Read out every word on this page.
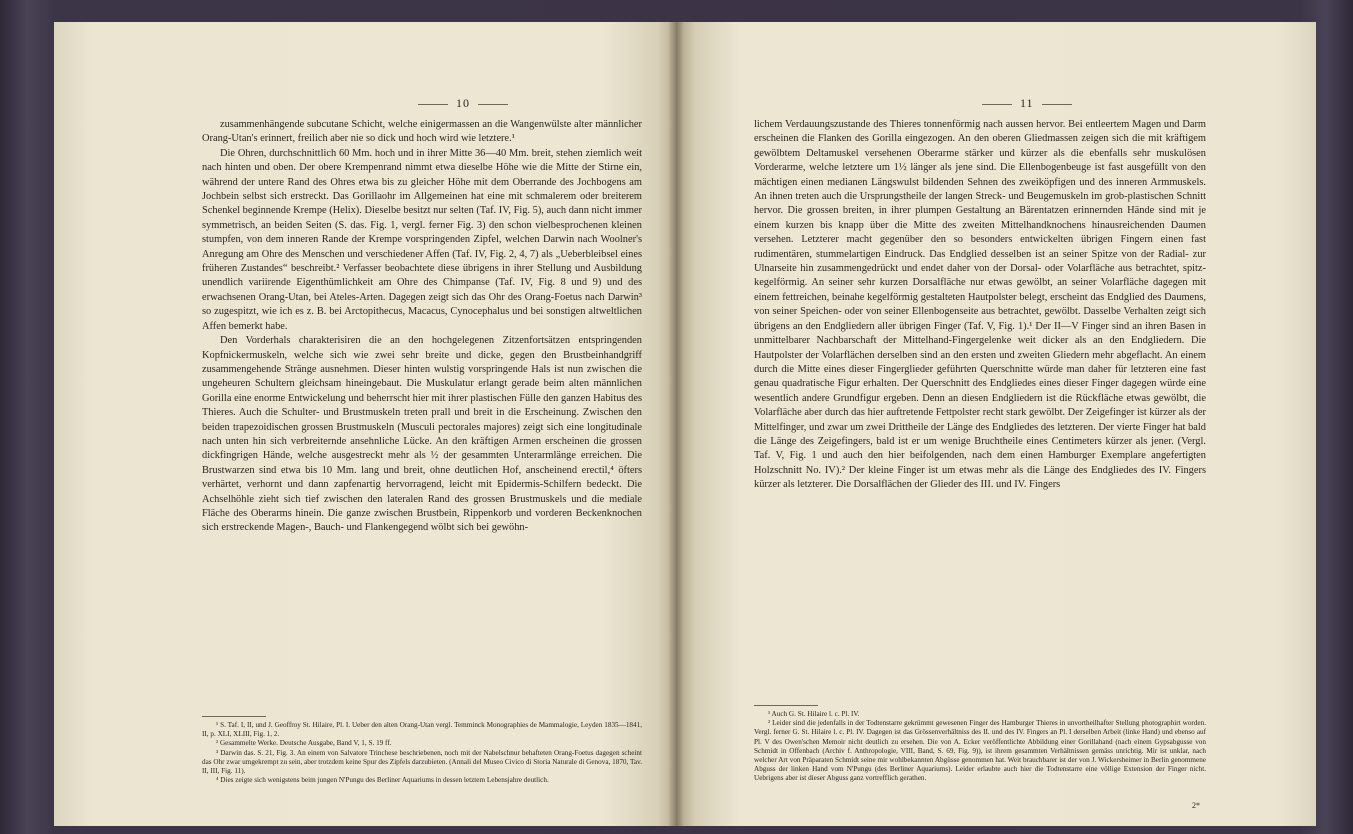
10

zusammenhängende subcutane Schicht, welche einigermassen an die Wangenwülste alter männlicher Orang-Utan's erinnert, freilich aber nie so dick und hoch wird wie letztere.¹

Die Ohren, durchschnittlich 60 Mm. hoch und in ihrer Mitte 36—40 Mm. breit, stehen ziemlich weit nach hinten und oben. Der obere Krempenrand nimmt etwa dieselbe Höhe wie die Mitte der Stirne ein, während der untere Rand des Ohres etwa bis zu gleicher Höhe mit dem Oberrande des Jochbogens am Jochbein selbst sich erstreckt. Das Gorillaohr im Allgemeinen hat eine mit schmalerem oder breiterem Schenkel beginnende Krempe (Helix). Dieselbe besitzt nur selten (Taf. IV, Fig. 5), auch dann nicht immer symmetrisch, an beiden Seiten (S. das. Fig. 1, vergl. ferner Fig. 3) den schon vielbesprochenen kleinen stumpfen, von dem inneren Rande der Krempe vorspringenden Zipfel, welchen Darwin nach Woolner's Anregung am Ohre des Menschen und verschiedener Affen (Taf. IV, Fig. 2, 4, 7) als „Ueberbleibsel eines früheren Zustandes“ beschreibt.² Verfasser beobachtete diese übrigens in ihrer Stellung und Ausbildung unendlich variirende Eigenthümlichkeit am Ohre des Chimpanse (Taf. IV, Fig. 8 und 9) und des erwachsenen Orang-Utan, bei Ateles-Arten. Dagegen zeigt sich das Ohr des Orang-Foetus nach Darwin³ so zugespitzt, wie ich es z. B. bei Arctopithecus, Macacus, Cynocephalus und bei sonstigen altweltlichen Affen bemerkt habe.

Den Vorderhals charakterisiren die an den hochgelegenen Zitzenfortsätzen entspringenden Kopfnickermuskeln, welche sich wie zwei sehr breite und dicke, gegen den Brustbeinhandgriff zusammengehende Stränge ausnehmen. Dieser hinten wulstig vorspringende Hals ist nun zwischen die ungeheuren Schultern gleichsam hineingebaut. Die Muskulatur erlangt gerade beim alten männlichen Gorilla eine enorme Entwickelung und beherrscht hier mit ihrer plastischen Fülle den ganzen Habitus des Thieres. Auch die Schulter- und Brustmuskeln treten prall und breit in die Erscheinung. Zwischen den beiden trapezoidischen grossen Brustmuskeln (Musculi pectorales majores) zeigt sich eine longitudinale nach unten hin sich verbreiternde ansehnliche Lücke. An den kräftigen Armen erscheinen die grossen dickfingrigen Hände, welche ausgestreckt mehr als ½ der gesammten Unterarmlänge erreichen. Die Brustwarzen sind etwa bis 10 Mm. lang und breit, ohne deutlichen Hof, anscheinend erectil,⁴ öfters verhärtet, verhornt und dann zapfenartig hervorragend, leicht mit Epidermis-Schilfern bedeckt. Die Achselhöhle zieht sich tief zwischen den lateralen Rand des grossen Brustmuskels und die mediale Fläche des Oberarms hinein. Die ganze zwischen Brustbein, Rippenkorb und vorderen Beckenknochen sich erstreckende Magen-, Bauch- und Flankengegend wölbt sich bei gewöhn-

¹ S. Taf. I, II, und J. Geoffroy St. Hilaire, Pl. I. Ueber den alten Orang-Utan vergl. Temminck Monographies de Mammalogie, Leyden 1835—1841, II, p. XLI, XLIII, Fig. 1, 2.

² Gesammelte Werke. Deutsche Ausgabe, Band V, 1, S. 19 ff.

³ Darwin das. S. 21, Fig. 3. An einem von Salvatore Trinchese beschriebenen, noch mit der Nabelschnur behafteten Orang-Foetus dagegen scheint das Ohr zwar umgekrempt zu sein, aber trotzdem keine Spur des Zipfels darzubieten. (Annali del Museo Civico di Storia Naturale di Genova, 1870, Tav. II, III, Fig. 11).

⁴ Dies zeigte sich wenigstens beim jungen N'Pungu des Berliner Aquariums in dessen letztem Lebensjahre deutlich.

11

lichem Verdauungszustande des Thieres tonnenförmig nach aussen hervor. Bei entleertem Magen und Darm erscheinen die Flanken des Gorilla eingezogen. An den oberen Gliedmassen zeigen sich die mit kräftigem gewölbtem Deltamuskel versehenen Oberarme stärker und kürzer als die ebenfalls sehr muskulösen Vorderarme, welche letztere um 1½ länger als jene sind. Die Ellenbogenbeuge ist fast ausgefüllt von den mächtigen einen medianen Längswulst bildenden Sehnen des zweiköpfigen und des inneren Armmuskels. An ihnen treten auch die Ursprungstheile der langen Streck- und Beugemuskeln im grob-plastischen Schnitt hervor. Die grossen breiten, in ihrer plumpen Gestaltung an Bärentatzen erinnernden Hände sind mit je einem kurzen bis knapp über die Mitte des zweiten Mittelhandknochens hinausreichenden Daumen versehen. Letzterer macht gegenüber den so besonders entwickelten übrigen Fingern einen fast rudimentären, stummelartigen Eindruck. Das Endglied desselben ist an seiner Spitze von der Radial- zur Ulnarseite hin zusammengedrückt und endet daher von der Dorsal- oder Volarfläche aus betrachtet, spitz-kegelförmig. An seiner sehr kurzen Dorsalfläche nur etwas gewölbt, an seiner Volarfläche dagegen mit einem fettreichen, beinahe kegelförmig gestalteten Hautpolster belegt, erscheint das Endglied des Daumens, von seiner Speichen- oder von seiner Ellenbogenseite aus betrachtet, gewölbt. Dasselbe Verhalten zeigt sich übrigens an den Endgliedern aller übrigen Finger (Taf. V, Fig. 1).¹ Der II—V Finger sind an ihren Basen in unmittelbarer Nachbarschaft der Mittelhand-Fingergelenke weit dicker als an den Endgliedern. Die Hautpolster der Volarflächen derselben sind an den ersten und zweiten Gliedern mehr abgeflacht. An einem durch die Mitte eines dieser Fingerglieder geführten Querschnitte würde man daher für letzteren eine fast genau quadratische Figur erhalten. Der Querschnitt des Endgliedes eines dieser Finger dagegen würde eine wesentlich andere Grundfigur ergeben. Denn an diesen Endgliedern ist die Rückfläche etwas gewölbt, die Volarfläche aber durch das hier auftretende Fettpolster recht stark gewölbt. Der Zeigefinger ist kürzer als der Mittelfinger, und zwar um zwei Drittheile der Länge des Endgliedes des letzteren. Der vierte Finger hat bald die Länge des Zeigefingers, bald ist er um wenige Bruchtheile eines Centimeters kürzer als jener. (Vergl. Taf. V, Fig. 1 und auch den hier beifolgenden, nach dem einen Hamburger Exemplare angefertigten Holzschnitt No. IV).² Der kleine Finger ist um etwas mehr als die Länge des Endgliedes des IV. Fingers kürzer als letzterer. Die Dorsalflächen der Glieder des III. und IV. Fingers

¹ Auch G. St. Hilaire l. c. Pl. IV.

² Leider sind die jedenfalls in der Todtenstarre gekrümmt gewesenen Finger des Hamburger Thieres in unvortheilhafter Stellung photographirt worden. Vergl. ferner G. St. Hilaire l. c. Pl. IV. Dagegen ist das Grössenverhältniss des II. und des IV. Fingers an Pl. I derselben Arbeit (linke Hand) und ebenso auf Pl. V des Owen'schen Memoir nicht deutlich zu ersehen. Die von A. Ecker veröffentlichte Abbildung einer Gorillahand (nach einem Gypsabgusse von Schmidt in Offenbach (Archiv f. Anthropologie, VIII, Band, S. 69, Fig. 9)), ist ihrem gesammten Verhältnissen gemäss unrichtig. Mir ist unklar, nach welcher Art von Präparaten Schmidt seine mir wohlbekannten Abgüsse genommen hat. Weit brauchbarer ist der von J. Wickersheimer in Berlin genommene Abguss der linken Hand vom N'Pungu (des Berliner Aquariums). Leider erlaubte auch hier die Todtenstarre eine völlige Extension der Finger nicht. Uebrigens aber ist dieser Abguss ganz vortrefflich gerathen.

2*
